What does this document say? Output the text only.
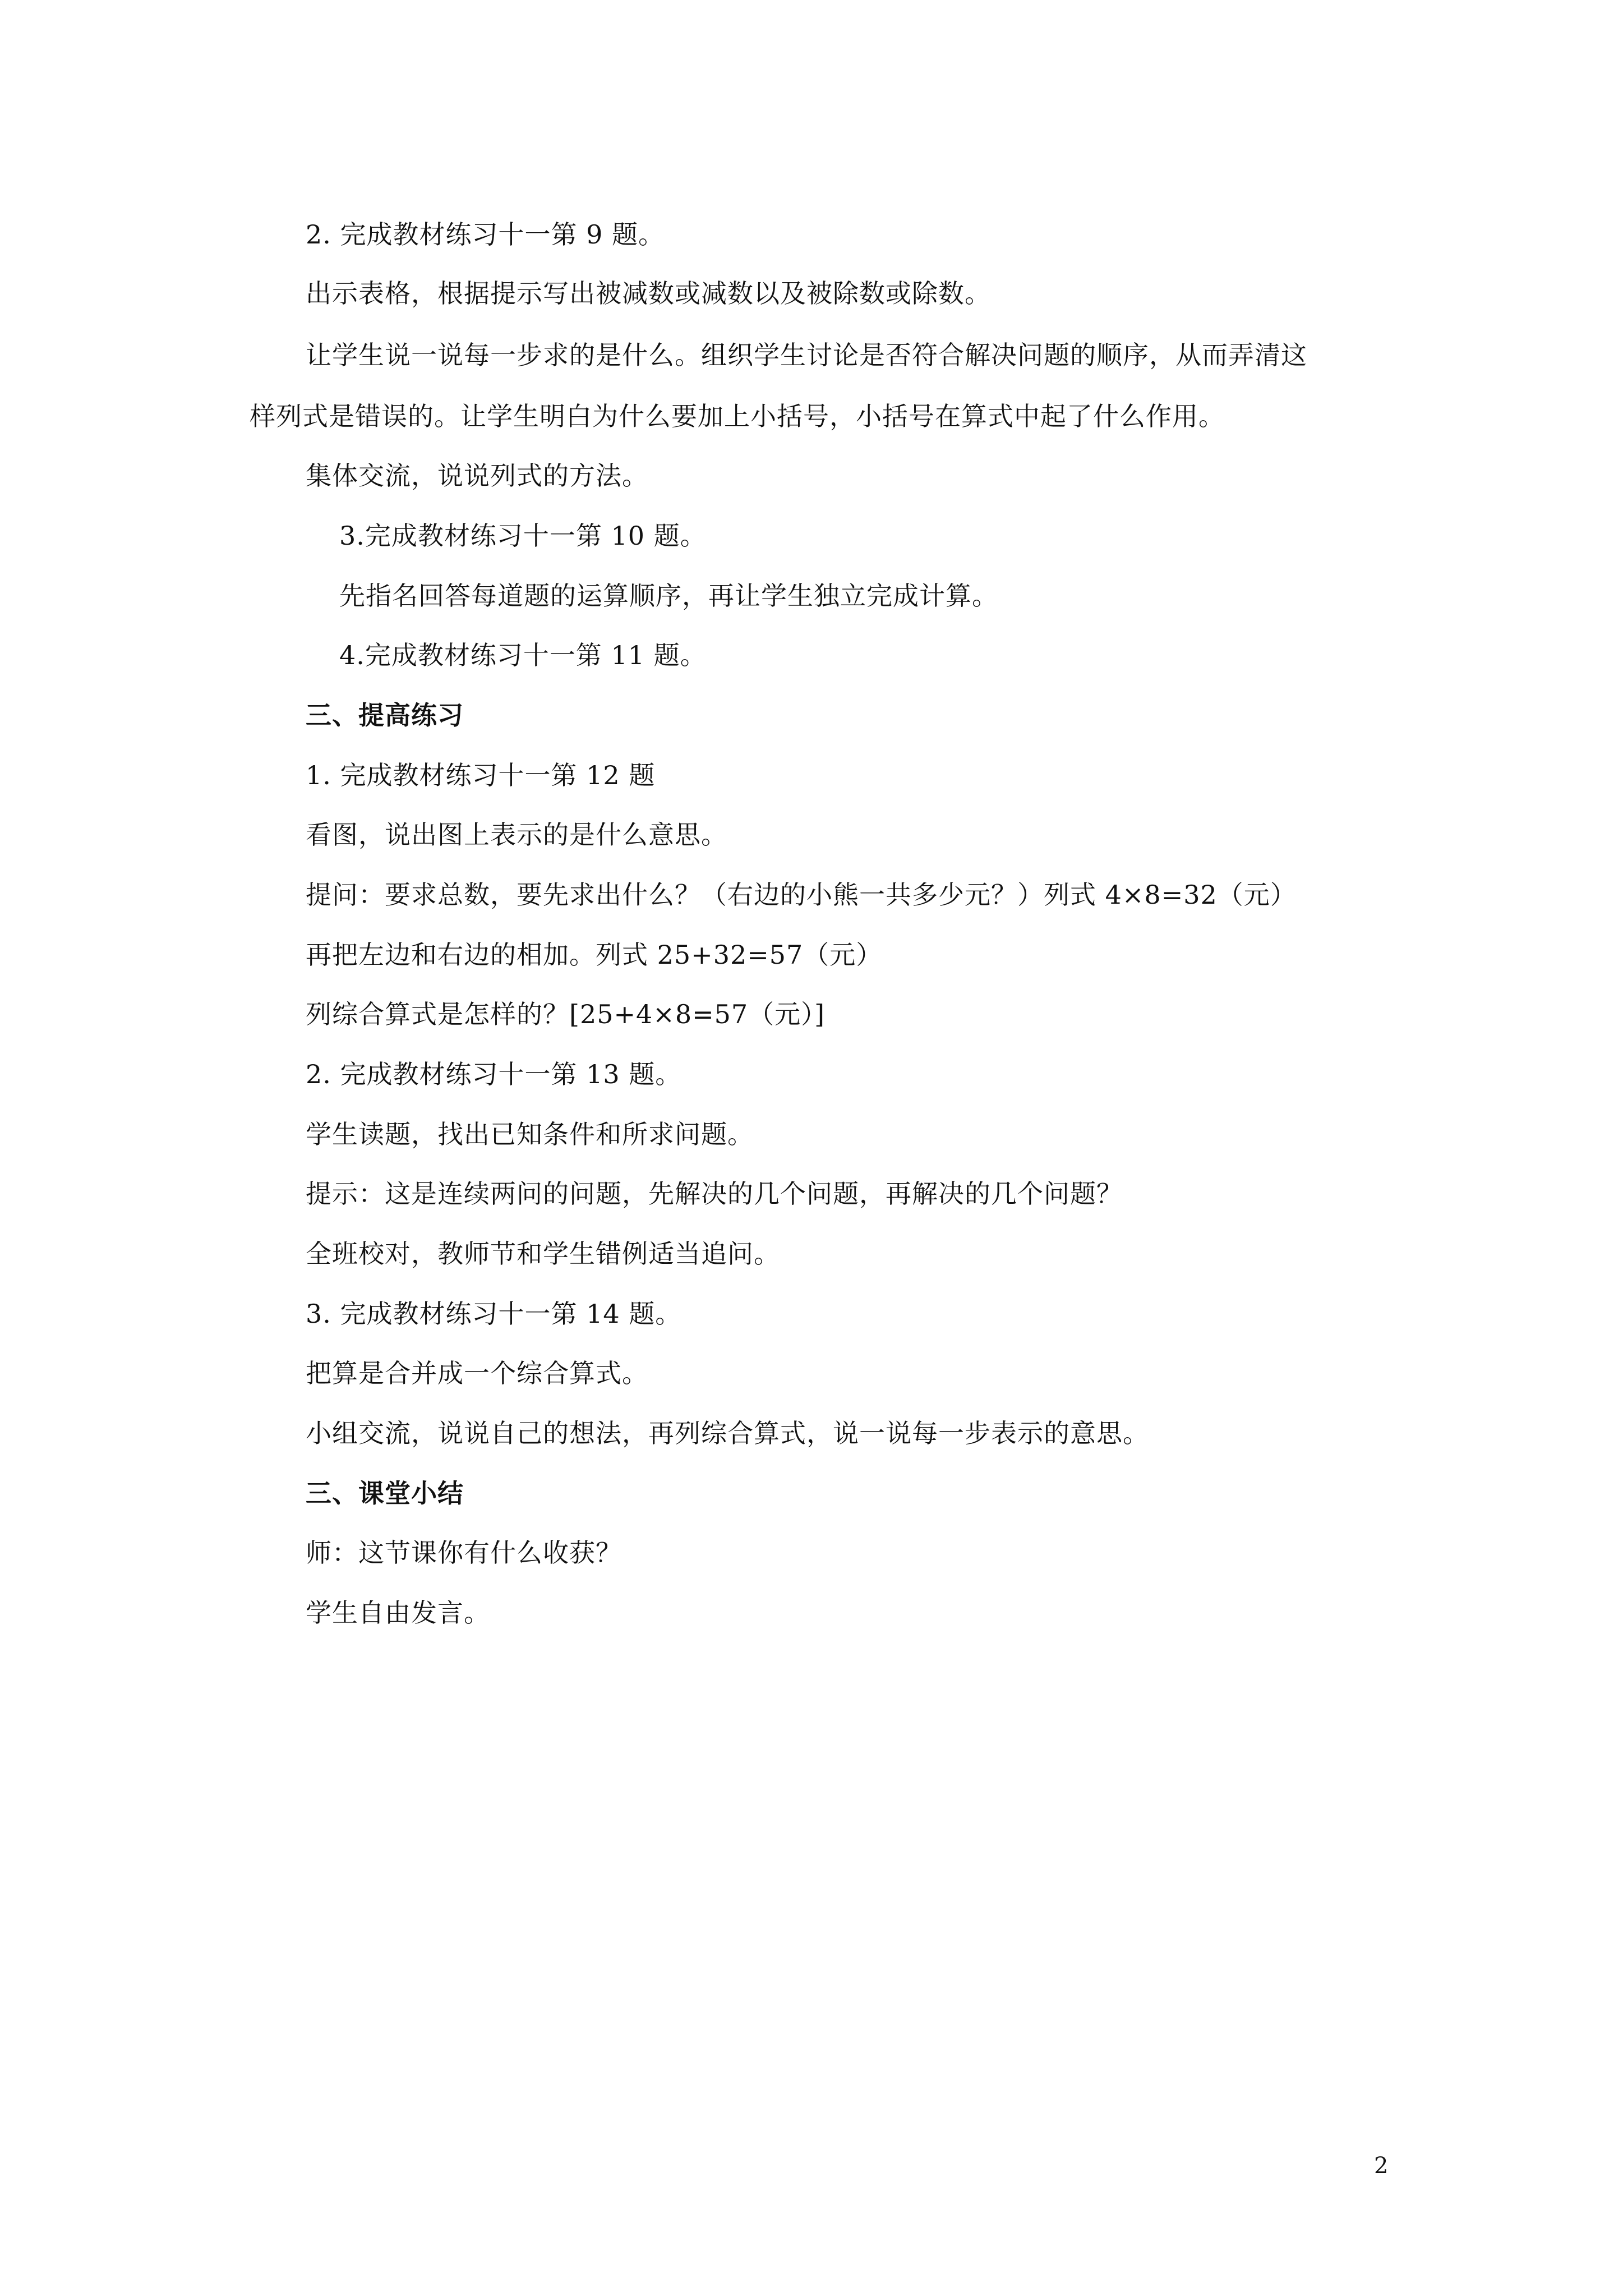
2. 完成教材练习十一第 9 题。
出示表格，根据提示写出被减数或减数以及被除数或除数。
让学生说一说每一步求的是什么。组织学生讨论是否符合解决问题的顺序，从而弄清这
样列式是错误的。让学生明白为什么要加上小括号，小括号在算式中起了什么作用。
集体交流，说说列式的方法。
3.完成教材练习十一第 10 题。
先指名回答每道题的运算顺序，再让学生独立完成计算。
4.完成教材练习十一第 11 题。
三、提高练习
1. 完成教材练习十一第 12 题
看图，说出图上表示的是什么意思。
提问：要求总数，要先求出什么？（右边的小熊一共多少元？）列式 4×8=32（元）
再把左边和右边的相加。列式 25+32=57（元）
列综合算式是怎样的？[25+4×8=57（元）]
2. 完成教材练习十一第 13 题。
学生读题，找出已知条件和所求问题。
提示：这是连续两问的问题，先解决的几个问题，再解决的几个问题？
全班校对，教师节和学生错例适当追问。
3. 完成教材练习十一第 14 题。
把算是合并成一个综合算式。
小组交流，说说自己的想法，再列综合算式，说一说每一步表示的意思。
三、课堂小结
师：这节课你有什么收获？
学生自由发言。
2
